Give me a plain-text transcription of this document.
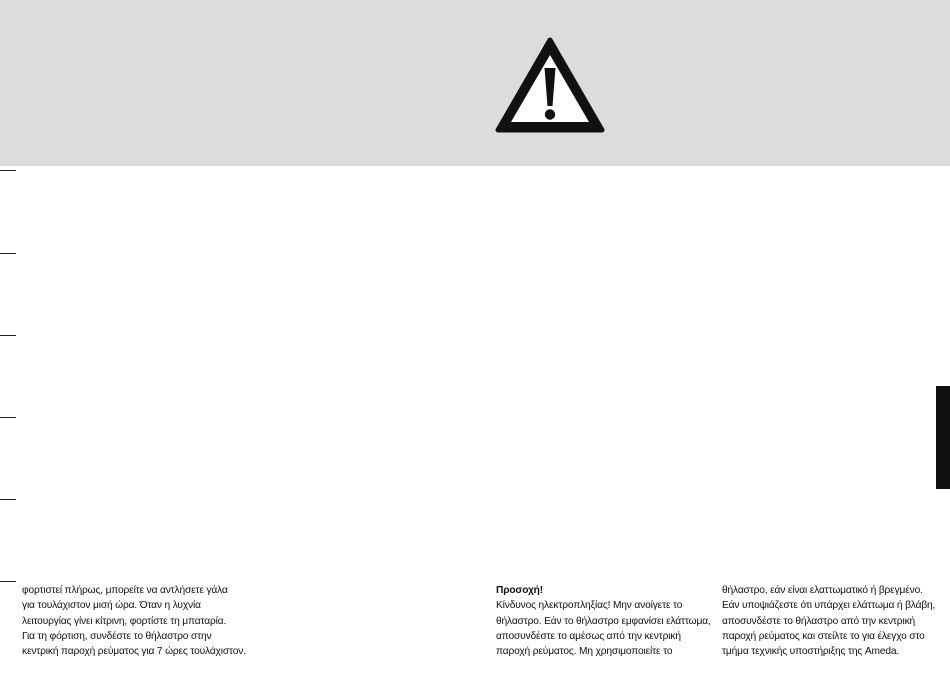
φορτιστεί πλήρως, μπορείτε να αντλήσετε γάλα
για τουλάχιστον μισή ώρα. Όταν η λυχνία
λειτουργίας γίνει κίτρινη, φορτίστε τη μπαταρία.
Για τη φόρτιση, συνδέστε το θήλαστρο στην
κεντρική παροχή ρεύματος για 7 ώρες τουλάχιστον.
Προσοχή!
Κίνδυνος ηλεκτροπληξίας! Μην ανοίγετε το
θήλαστρο. Εάν το θήλαστρο εμφανίσει ελάττωμα,
αποσυνδέστε το αμέσως από την κεντρική
παροχή ρεύματος. Μη χρησιμοποιείτε το
θήλαστρο, εάν είναι ελαττωματικό ή βρεγμένο.
Εάν υποψιάζεστε ότι υπάρχει ελάττωμα ή βλάβη,
αποσυνδέστε το θήλαστρο από την κεντρική
παροχή ρεύματος και στείλτε το για έλεγχο στο
τμήμα τεχνικής υποστήριξης της Ameda.
